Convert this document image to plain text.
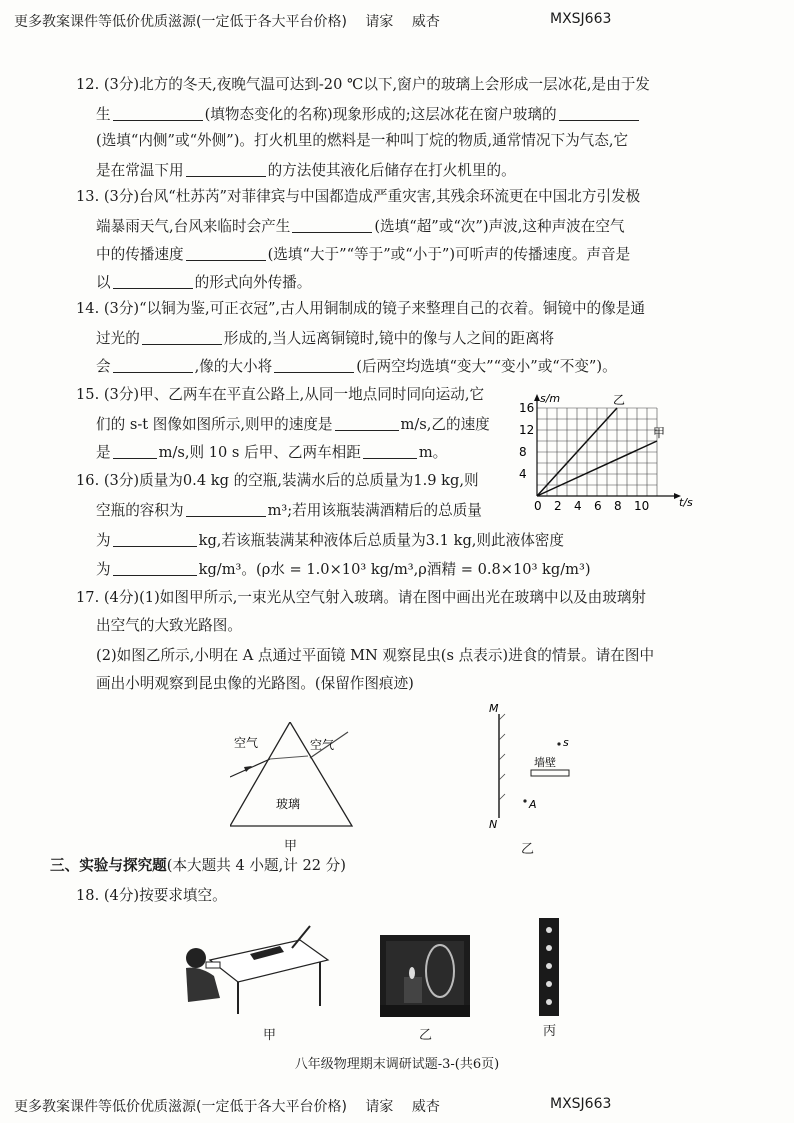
更多教案课件等低价优质滋源(一定低于各大平台价格) 请家 威杏	MXSJ663
12. (3分)北方的冬天,夜晚气温可达到-20 ℃以下,窗户的玻璃上会形成一层冰花,是由于发
生	(填物态变化的名称)现象形成的;这层冰花在窗户玻璃的
(选填“内侧”或“外侧”)。打火机里的燃料是一种叫丁烷的物质,通常情况下为气态,它
是在常温下用	的方法使其液化后储存在打火机里的。
13. (3分)台风“杜苏芮”对菲律宾与中国都造成严重灾害,其残余环流更在中国北方引发极
端暴雨天气,台风来临时会产生	(选填“超”或“次”)声波,这种声波在空气
中的传播速度	(选填“大于”“等于”或“小于”)可听声的传播速度。声音是
以	的形式向外传播。
14. (3分)“以铜为鉴,可正衣冠”,古人用铜制成的镜子来整理自己的衣着。铜镜中的像是通
过光的	形成的,当人远离铜镜时,镜中的像与人之间的距离将
会	,像的大小将	(后两空均选填“变大”“变小”或“不变”)。
15. (3分)甲、乙两车在平直公路上,从同一地点同时同向运动,它
们的 s-t 图像如图所示,则甲的速度是	m/s,乙的速度
是	m/s,则 10 s 后甲、乙两车相距	m。
0 2 4 6 8 10
4
8
12
16
t/s
s/m	乙
甲
16. (3分)质量为0.4 kg 的空瓶,装满水后的总质量为1.9 kg,则
空瓶的容积为	m³;若用该瓶装满酒精后的总质量
为	kg,若该瓶装满某种液体后总质量为3.1 kg,则此液体密度
为	kg/m³。(ρ水 = 1.0×10³ kg/m³,ρ酒精 = 0.8×10³ kg/m³)
17. (4分)(1)如图甲所示,一束光从空气射入玻璃。请在图中画出光在玻璃中以及由玻璃射
出空气的大致光路图。
(2)如图乙所示,小明在 A 点通过平面镜 MN 观察昆虫(s 点表示)进食的情景。请在图中
画出小明观察到昆虫像的光路图。(保留作图痕迹)
空气	空气
玻璃
甲
M
N
s
墙壁
A
乙
三、实验与探究题(本大题共 4 小题,计 22 分)
18. (4分)按要求填空。
甲	乙	丙
八年级物理期末调研试题-3-(共6页)
更多教案课件等低价优质滋源(一定低于各大平台价格) 请家 威杏	MXSJ663
